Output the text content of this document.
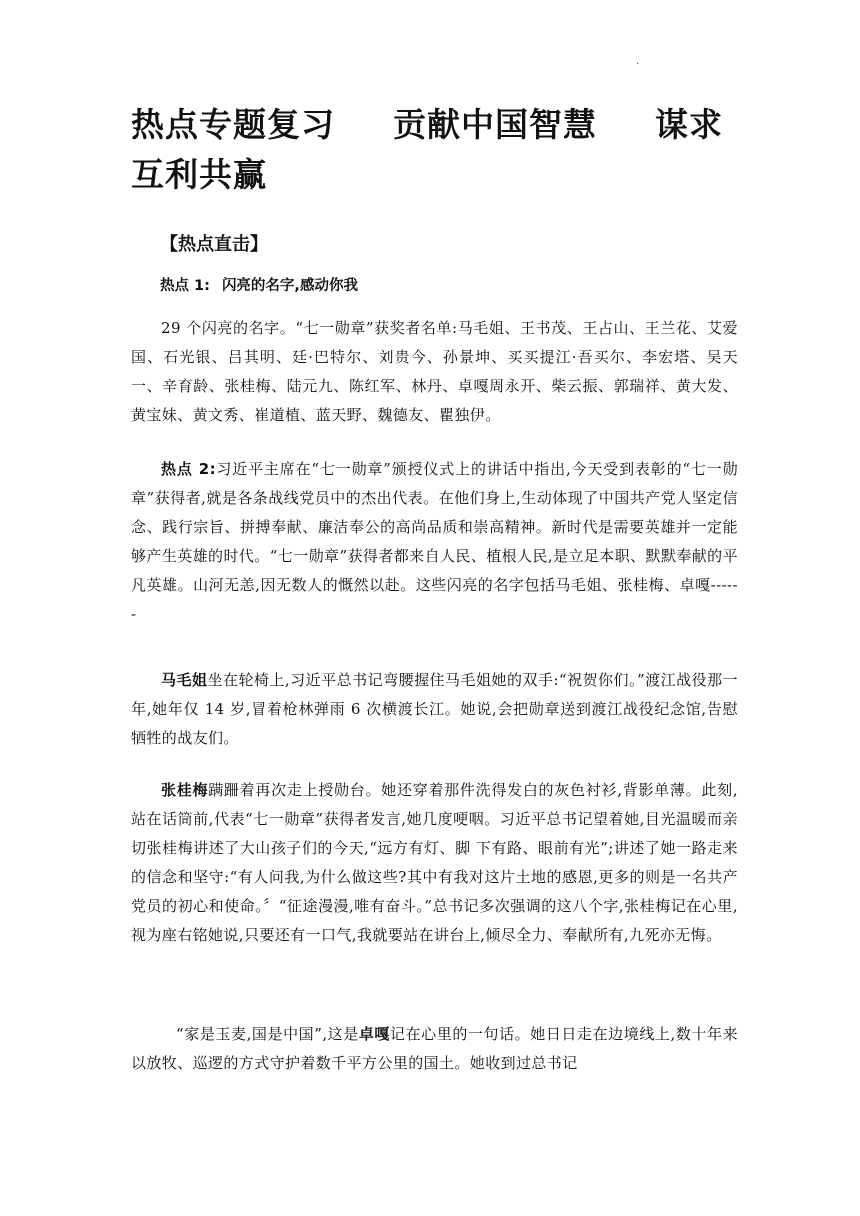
.
热点专题复习 贡献中国智慧 谋求互利共赢
【热点直击】

热点 1: 闪亮的名字,感动你我

29 个闪亮的名字。“七一勋章”获奖者名单:马毛姐、王书茂、王占山、王兰花、艾爱国、石光银、吕其明、廷·巴特尔、刘贵今、孙景坤、买买提江·吾买尔、李宏塔、吴天一、辛育龄、张桂梅、陆元九、陈红军、林丹、卓嘎周永开、柴云振、郭瑞祥、黄大发、黄宝妹、黄文秀、崔道植、蓝天野、魏德友、瞿独伊。

热点 2:习近平主席在“七一勋章”颁授仪式上的讲话中指出,今天受到表彰的“七一勋章”获得者,就是各条战线党员中的杰出代表。在他们身上,生动体现了中国共产党人坚定信念、践行宗旨、拼搏奉献、廉洁奉公的高尚品质和崇高精神。新时代是需要英雄并一定能够产生英雄的时代。“七一勋章”获得者都来自人民、植根人民,是立足本职、默默奉献的平凡英雄。山河无恙,因无数人的慨然以赴。这些闪亮的名字包括马毛姐、张桂梅、卓嘎------

马毛姐坐在轮椅上,习近平总书记弯腰握住马毛姐她的双手:“祝贺你们。”渡江战役那一年,她年仅 14 岁,冒着枪林弹雨 6 次横渡长江。她说,会把勋章送到渡江战役纪念馆,告慰牺牲的战友们。

张桂梅蹒跚着再次走上授勋台。她还穿着那件洗得发白的灰色衬衫,背影单薄。此刻,站在话筒前,代表“七一勋章”获得者发言,她几度哽咽。习近平总书记望着她,目光温暖而亲切张桂梅讲述了大山孩子们的今天,“远方有灯、脚 下有路、眼前有光”;讲述了她一路走来的信念和坚守:“有人问我,为什么做这些?其中有我对这片土地的感恩,更多的则是一名共产党员的初心和使命。〞“征途漫漫,唯有奋斗。”总书记多次强调的这八个字,张桂梅记在心里,视为座右铭她说,只要还有一口气,我就要站在讲台上,倾尽全力、奉献所有,九死亦无悔。

“家是玉麦,国是中国”,这是卓嘎记在心里的一句话。她日日走在边境线上,数十年来以放牧、巡逻的方式守护着数千平方公里的国土。她收到过总书记
